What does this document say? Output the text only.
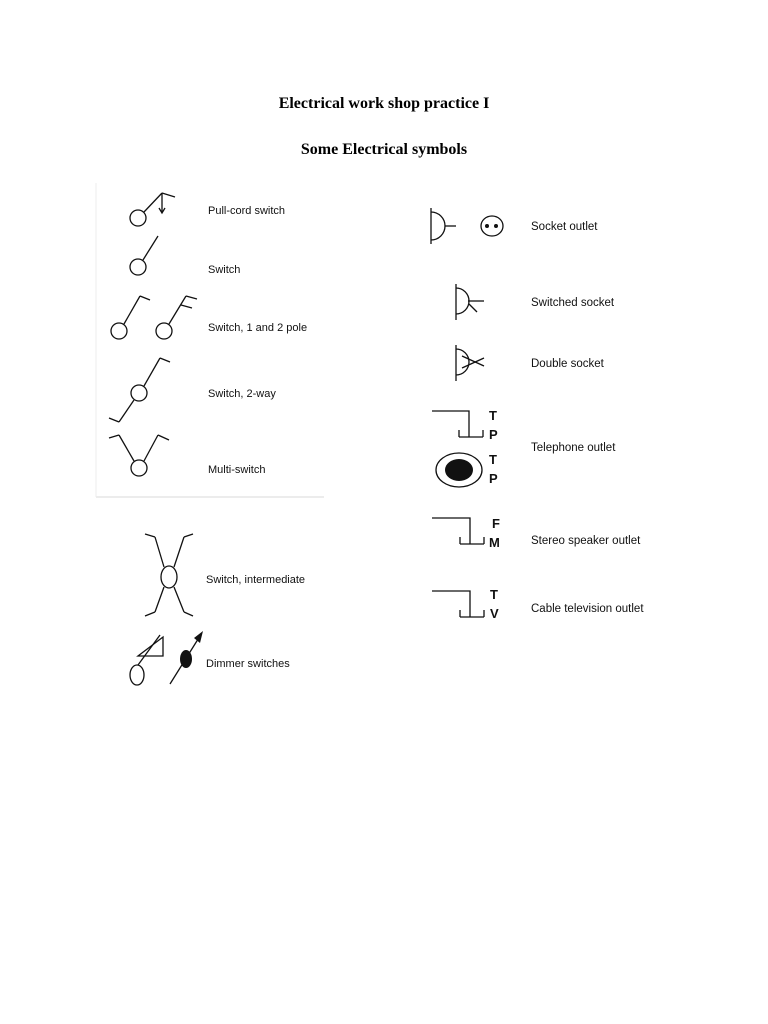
Electrical work shop practice I
Some Electrical symbols
Pull-cord switch
Switch
Switch, 1 and 2 pole
Switch, 2-way
Multi-switch
Switch, intermediate
Dimmer switches
Socket outlet
Switched socket
Double socket
T
P
T
P
Telephone outlet
F
M	Stereo speaker outlet
T
V	Cable television outlet
